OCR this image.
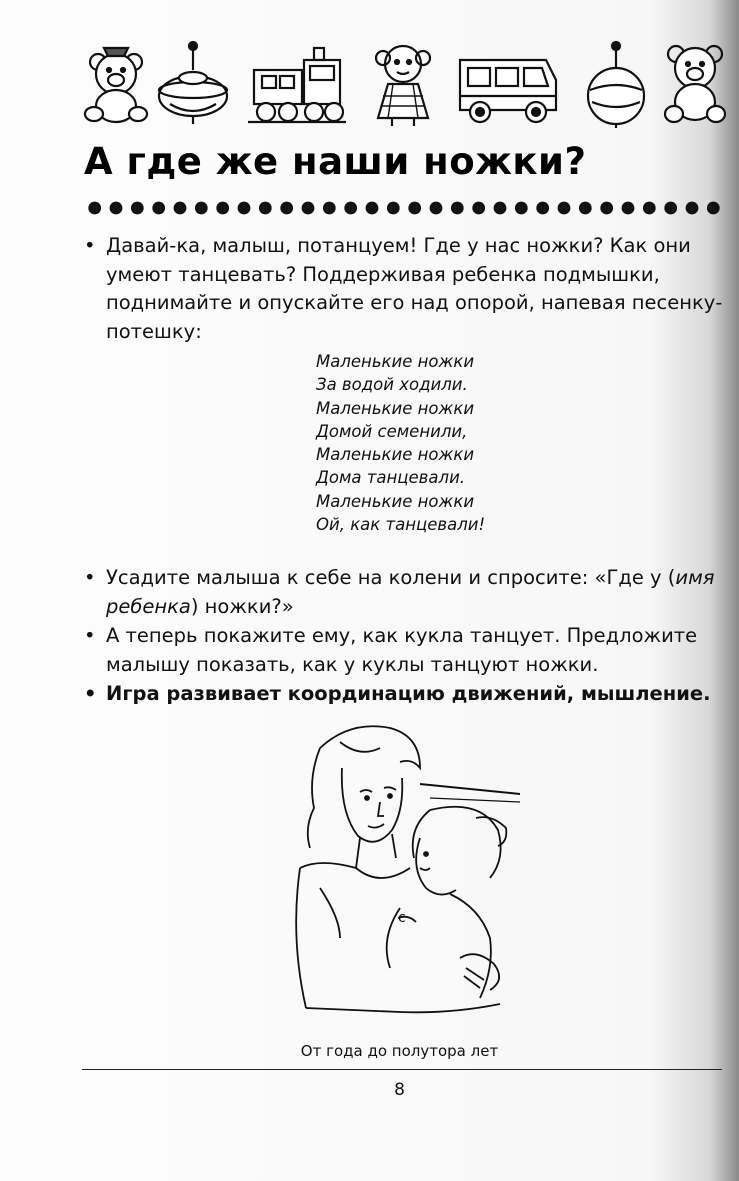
А где же наши ножки?
• Давай-ка, малыш, потанцуем! Где у нас ножки? Как они умеют танцевать? Поддерживая ребенка подмышки, поднимайте и опускайте его над опорой, напевая песенку-потешку:
Маленькие ножки
За водой ходили.
Маленькие ножки
Домой семенили,
Маленькие ножки
Дома танцевали.
Маленькие ножки
Ой, как танцевали!
• Усадите малыша к себе на колени и спросите: «Где у (имя ребенка) ножки?»
• А теперь покажите ему, как кукла танцует. Предложите малышу показать, как у куклы танцуют ножки.
• Игра развивает координацию движений, мышление.
c
От года до полутора лет
8
